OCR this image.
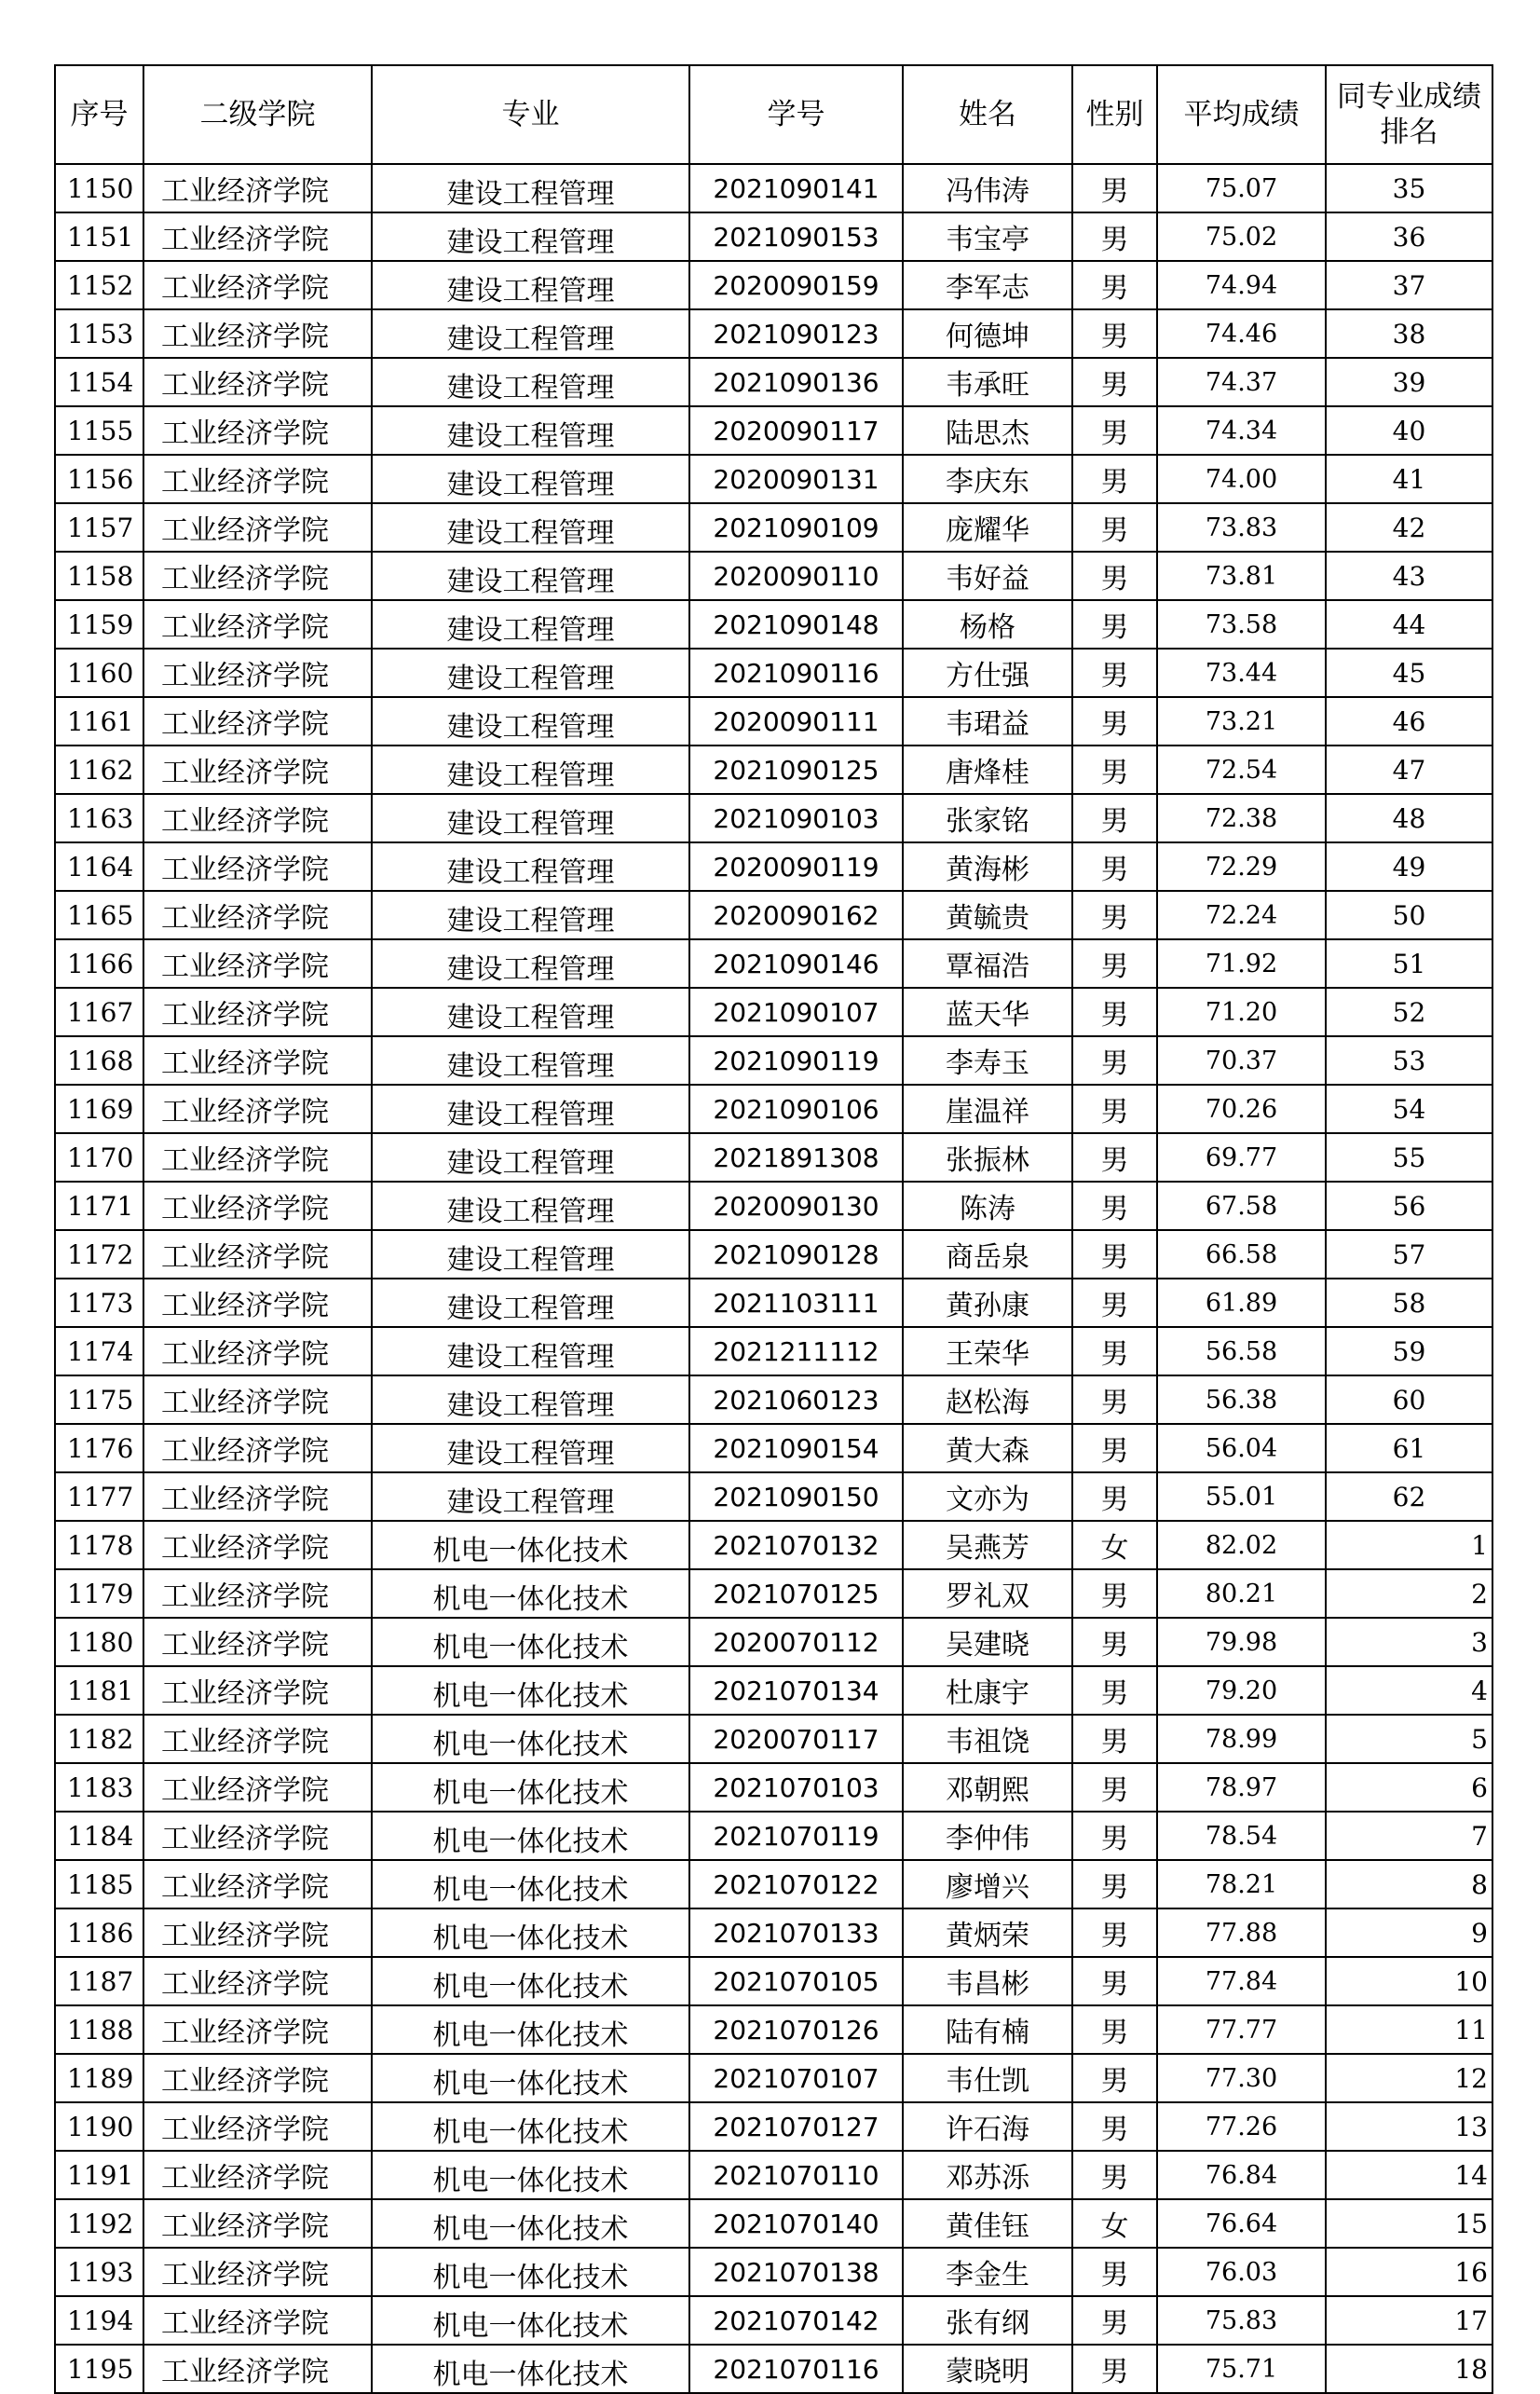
序号	二级学院	专业	学号	姓名	性别	平均成绩	同专业成绩排名
1150	工业经济学院	建设工程管理	2021090141	冯伟涛	男	75.07	35
1151	工业经济学院	建设工程管理	2021090153	韦宝亭	男	75.02	36
1152	工业经济学院	建设工程管理	2020090159	李军志	男	74.94	37
1153	工业经济学院	建设工程管理	2021090123	何德坤	男	74.46	38
1154	工业经济学院	建设工程管理	2021090136	韦承旺	男	74.37	39
1155	工业经济学院	建设工程管理	2020090117	陆思杰	男	74.34	40
1156	工业经济学院	建设工程管理	2020090131	李庆东	男	74.00	41
1157	工业经济学院	建设工程管理	2021090109	庞耀华	男	73.83	42
1158	工业经济学院	建设工程管理	2020090110	韦好益	男	73.81	43
1159	工业经济学院	建设工程管理	2021090148	杨格	男	73.58	44
1160	工业经济学院	建设工程管理	2021090116	方仕强	男	73.44	45
1161	工业经济学院	建设工程管理	2020090111	韦珺益	男	73.21	46
1162	工业经济学院	建设工程管理	2021090125	唐烽桂	男	72.54	47
1163	工业经济学院	建设工程管理	2021090103	张家铭	男	72.38	48
1164	工业经济学院	建设工程管理	2020090119	黄海彬	男	72.29	49
1165	工业经济学院	建设工程管理	2020090162	黄毓贵	男	72.24	50
1166	工业经济学院	建设工程管理	2021090146	覃福浩	男	71.92	51
1167	工业经济学院	建设工程管理	2021090107	蓝天华	男	71.20	52
1168	工业经济学院	建设工程管理	2021090119	李寿玉	男	70.37	53
1169	工业经济学院	建设工程管理	2021090106	崖温祥	男	70.26	54
1170	工业经济学院	建设工程管理	2021891308	张振林	男	69.77	55
1171	工业经济学院	建设工程管理	2020090130	陈涛	男	67.58	56
1172	工业经济学院	建设工程管理	2021090128	商岳泉	男	66.58	57
1173	工业经济学院	建设工程管理	2021103111	黄孙康	男	61.89	58
1174	工业经济学院	建设工程管理	2021211112	王荣华	男	56.58	59
1175	工业经济学院	建设工程管理	2021060123	赵松海	男	56.38	60
1176	工业经济学院	建设工程管理	2021090154	黄大森	男	56.04	61
1177	工业经济学院	建设工程管理	2021090150	文亦为	男	55.01	62
1178	工业经济学院	机电一体化技术	2021070132	吴燕芳	女	82.02	1
1179	工业经济学院	机电一体化技术	2021070125	罗礼双	男	80.21	2
1180	工业经济学院	机电一体化技术	2020070112	吴建晓	男	79.98	3
1181	工业经济学院	机电一体化技术	2021070134	杜康宇	男	79.20	4
1182	工业经济学院	机电一体化技术	2020070117	韦祖饶	男	78.99	5
1183	工业经济学院	机电一体化技术	2021070103	邓朝熙	男	78.97	6
1184	工业经济学院	机电一体化技术	2021070119	李仲伟	男	78.54	7
1185	工业经济学院	机电一体化技术	2021070122	廖增兴	男	78.21	8
1186	工业经济学院	机电一体化技术	2021070133	黄炳荣	男	77.88	9
1187	工业经济学院	机电一体化技术	2021070105	韦昌彬	男	77.84	10
1188	工业经济学院	机电一体化技术	2021070126	陆有楠	男	77.77	11
1189	工业经济学院	机电一体化技术	2021070107	韦仕凯	男	77.30	12
1190	工业经济学院	机电一体化技术	2021070127	许石海	男	77.26	13
1191	工业经济学院	机电一体化技术	2021070110	邓苏泺	男	76.84	14
1192	工业经济学院	机电一体化技术	2021070140	黄佳钰	女	76.64	15
1193	工业经济学院	机电一体化技术	2021070138	李金生	男	76.03	16
1194	工业经济学院	机电一体化技术	2021070142	张有纲	男	75.83	17
1195	工业经济学院	机电一体化技术	2021070116	蒙晓明	男	75.71	18
